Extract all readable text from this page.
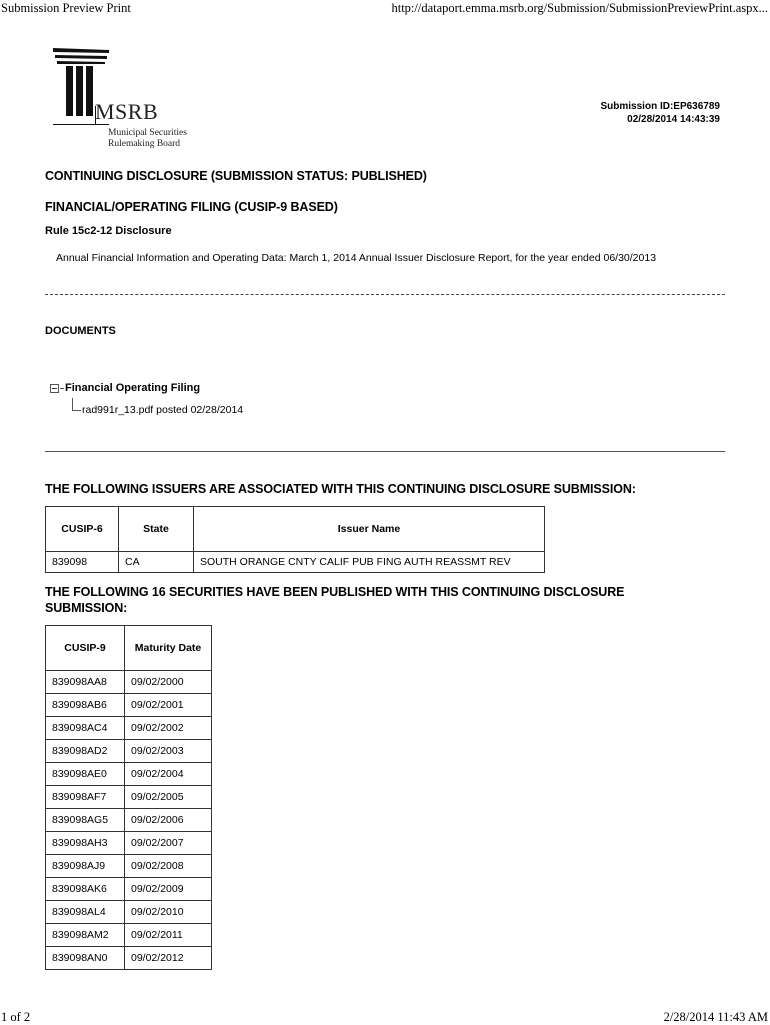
Submission Preview Print	http://dataport.emma.msrb.org/Submission/SubmissionPreviewPrint.aspx...
MSRB
Municipal Securities
Rulemaking Board
Submission ID:EP636789
02/28/2014 14:43:39
CONTINUING DISCLOSURE (SUBMISSION STATUS: PUBLISHED)
FINANCIAL/OPERATING FILING (CUSIP-9 BASED)
Rule 15c2-12 Disclosure
Annual Financial Information and Operating Data: March 1, 2014 Annual Issuer Disclosure Report, for the year ended 06/30/2013
DOCUMENTS
Financial Operating Filing
rad991r_13.pdf posted 02/28/2014
THE FOLLOWING ISSUERS ARE ASSOCIATED WITH THIS CONTINUING DISCLOSURE SUBMISSION:
CUSIP-6	State	Issuer Name
839098	CA	SOUTH ORANGE CNTY CALIF PUB FING AUTH REASSMT REV
THE FOLLOWING 16 SECURITIES HAVE BEEN PUBLISHED WITH THIS CONTINUING DISCLOSURE
SUBMISSION:
CUSIP-9	Maturity Date
839098AA8	09/02/2000
839098AB6	09/02/2001
839098AC4	09/02/2002
839098AD2	09/02/2003
839098AE0	09/02/2004
839098AF7	09/02/2005
839098AG5	09/02/2006
839098AH3	09/02/2007
839098AJ9	09/02/2008
839098AK6	09/02/2009
839098AL4	09/02/2010
839098AM2	09/02/2011
839098AN0	09/02/2012
1 of 2	2/28/2014 11:43 AM
